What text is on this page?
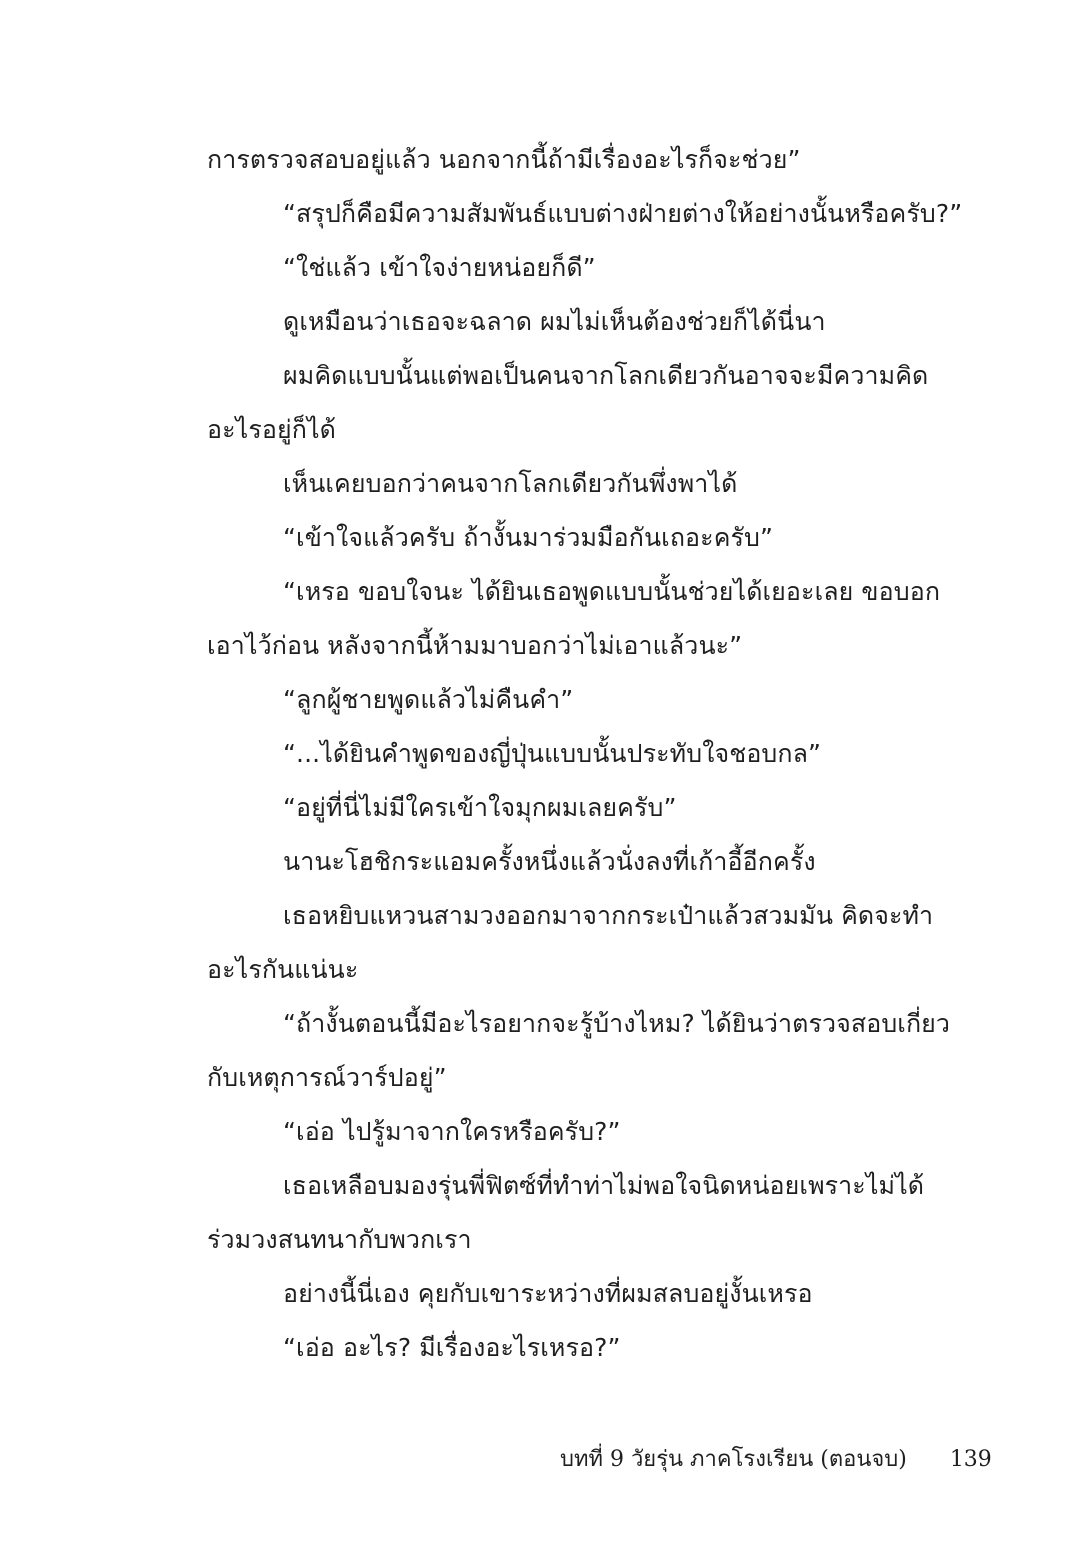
การตรวจสอบอยู่แล้ว นอกจากนี้ถ้ามีเรื่องอะไรก็จะช่วย”
“สรุปก็คือมีความสัมพันธ์แบบต่างฝ่ายต่างให้อย่างนั้นหรือครับ?”
“ใช่แล้ว เข้าใจง่ายหน่อยก็ดี”
ดูเหมือนว่าเธอจะฉลาด ผมไม่เห็นต้องช่วยก็ได้นี่นา
ผมคิดแบบนั้นแต่พอเป็นคนจากโลกเดียวกันอาจจะมีความคิด
อะไรอยู่ก็ได้
เห็นเคยบอกว่าคนจากโลกเดียวกันพึ่งพาได้
“เข้าใจแล้วครับ ถ้างั้นมาร่วมมือกันเถอะครับ”
“เหรอ ขอบใจนะ ได้ยินเธอพูดแบบนั้นช่วยได้เยอะเลย ขอบอก
เอาไว้ก่อน หลังจากนี้ห้ามมาบอกว่าไม่เอาแล้วนะ”
“ลูกผู้ชายพูดแล้วไม่คืนคำ”
“...ได้ยินคำพูดของญี่ปุ่นแบบนั้นประทับใจชอบกล”
“อยู่ที่นี่ไม่มีใครเข้าใจมุกผมเลยครับ”
นานะโฮชิกระแอมครั้งหนึ่งแล้วนั่งลงที่เก้าอี้อีกครั้ง
เธอหยิบแหวนสามวงออกมาจากกระเป๋าแล้วสวมมัน คิดจะทำ
อะไรกันแน่นะ
“ถ้างั้นตอนนี้มีอะไรอยากจะรู้บ้างไหม? ได้ยินว่าตรวจสอบเกี่ยว
กับเหตุการณ์วาร์ปอยู่”
“เอ่อ ไปรู้มาจากใครหรือครับ?”
เธอเหลือบมองรุ่นพี่ฟิตซ์ที่ทำท่าไม่พอใจนิดหน่อยเพราะไม่ได้
ร่วมวงสนทนากับพวกเรา
อย่างนี้นี่เอง คุยกับเขาระหว่างที่ผมสลบอยู่งั้นเหรอ
“เอ่อ อะไร? มีเรื่องอะไรเหรอ?”
บทที่ 9 วัยรุ่น ภาคโรงเรียน (ตอนจบ) 139
